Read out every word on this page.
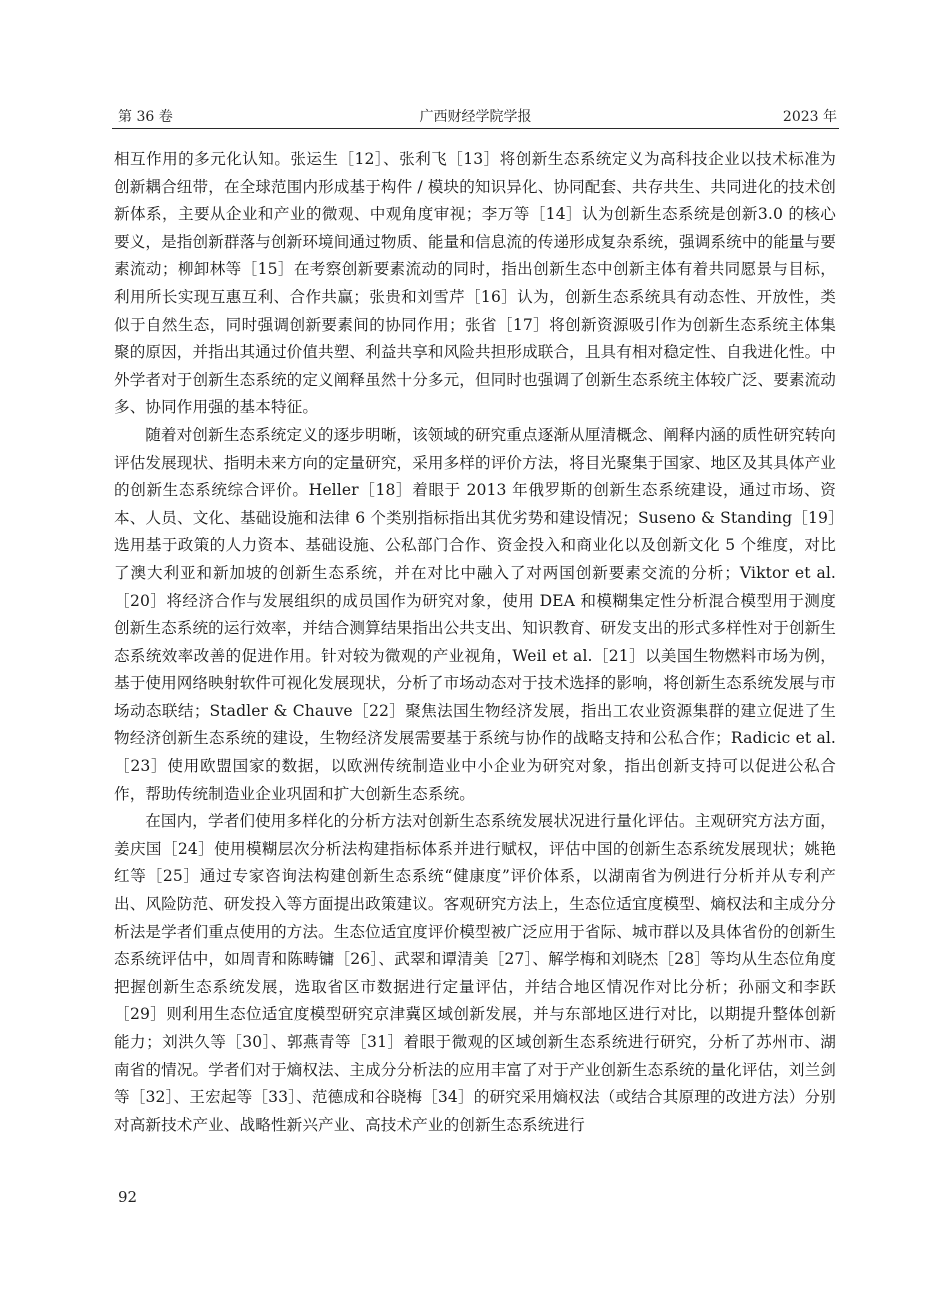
第 36 卷	广西财经学院学报	2023 年

相互作用的多元化认知。张运生［12］、张利飞［13］将创新生态系统定义为高科技企业以技术标准为创新耦合纽带，在全球范围内形成基于构件 / 模块的知识异化、协同配套、共存共生、共同进化的技术创新体系，主要从企业和产业的微观、中观角度审视；李万等［14］认为创新生态系统是创新3.0 的核心要义，是指创新群落与创新环境间通过物质、能量和信息流的传递形成复杂系统，强调系统中的能量与要素流动；柳卸林等［15］在考察创新要素流动的同时，指出创新生态中创新主体有着共同愿景与目标，利用所长实现互惠互利、合作共赢；张贵和刘雪芹［16］认为，创新生态系统具有动态性、开放性，类似于自然生态，同时强调创新要素间的协同作用；张省［17］将创新资源吸引作为创新生态系统主体集聚的原因，并指出其通过价值共塑、利益共享和风险共担形成联合，且具有相对稳定性、自我进化性。中外学者对于创新生态系统的定义阐释虽然十分多元，但同时也强调了创新生态系统主体较广泛、要素流动多、协同作用强的基本特征。

随着对创新生态系统定义的逐步明晰，该领域的研究重点逐渐从厘清概念、阐释内涵的质性研究转向评估发展现状、指明未来方向的定量研究，采用多样的评价方法，将目光聚集于国家、地区及其具体产业的创新生态系统综合评价。Heller［18］着眼于 2013 年俄罗斯的创新生态系统建设，通过市场、资本、人员、文化、基础设施和法律 6 个类别指标指出其优劣势和建设情况；Suseno & Standing［19］选用基于政策的人力资本、基础设施、公私部门合作、资金投入和商业化以及创新文化 5 个维度，对比了澳大利亚和新加坡的创新生态系统，并在对比中融入了对两国创新要素交流的分析；Viktor et al.［20］将经济合作与发展组织的成员国作为研究对象，使用 DEA 和模糊集定性分析混合模型用于测度创新生态系统的运行效率，并结合测算结果指出公共支出、知识教育、研发支出的形式多样性对于创新生态系统效率改善的促进作用。针对较为微观的产业视角，Weil et al.［21］以美国生物燃料市场为例，基于使用网络映射软件可视化发展现状，分析了市场动态对于技术选择的影响，将创新生态系统发展与市场动态联结；Stadler & Chauve［22］聚焦法国生物经济发展，指出工农业资源集群的建立促进了生物经济创新生态系统的建设，生物经济发展需要基于系统与协作的战略支持和公私合作；Radicic et al.［23］使用欧盟国家的数据，以欧洲传统制造业中小企业为研究对象，指出创新支持可以促进公私合作，帮助传统制造业企业巩固和扩大创新生态系统。

在国内，学者们使用多样化的分析方法对创新生态系统发展状况进行量化评估。主观研究方法方面，姜庆国［24］使用模糊层次分析法构建指标体系并进行赋权，评估中国的创新生态系统发展现状；姚艳红等［25］通过专家咨询法构建创新生态系统“健康度”评价体系，以湖南省为例进行分析并从专利产出、风险防范、研发投入等方面提出政策建议。客观研究方法上，生态位适宜度模型、熵权法和主成分分析法是学者们重点使用的方法。生态位适宜度评价模型被广泛应用于省际、城市群以及具体省份的创新生态系统评估中，如周青和陈畴镛［26］、武翠和谭清美［27］、解学梅和刘晓杰［28］等均从生态位角度把握创新生态系统发展，选取省区市数据进行定量评估，并结合地区情况作对比分析；孙丽文和李跃［29］则利用生态位适宜度模型研究京津冀区域创新发展，并与东部地区进行对比，以期提升整体创新能力；刘洪久等［30］、郭燕青等［31］着眼于微观的区域创新生态系统进行研究，分析了苏州市、湖南省的情况。学者们对于熵权法、主成分分析法的应用丰富了对于产业创新生态系统的量化评估，刘兰剑等［32］、王宏起等［33］、范德成和谷晓梅［34］的研究采用熵权法（或结合其原理的改进方法）分别对高新技术产业、战略性新兴产业、高技术产业的创新生态系统进行

92
